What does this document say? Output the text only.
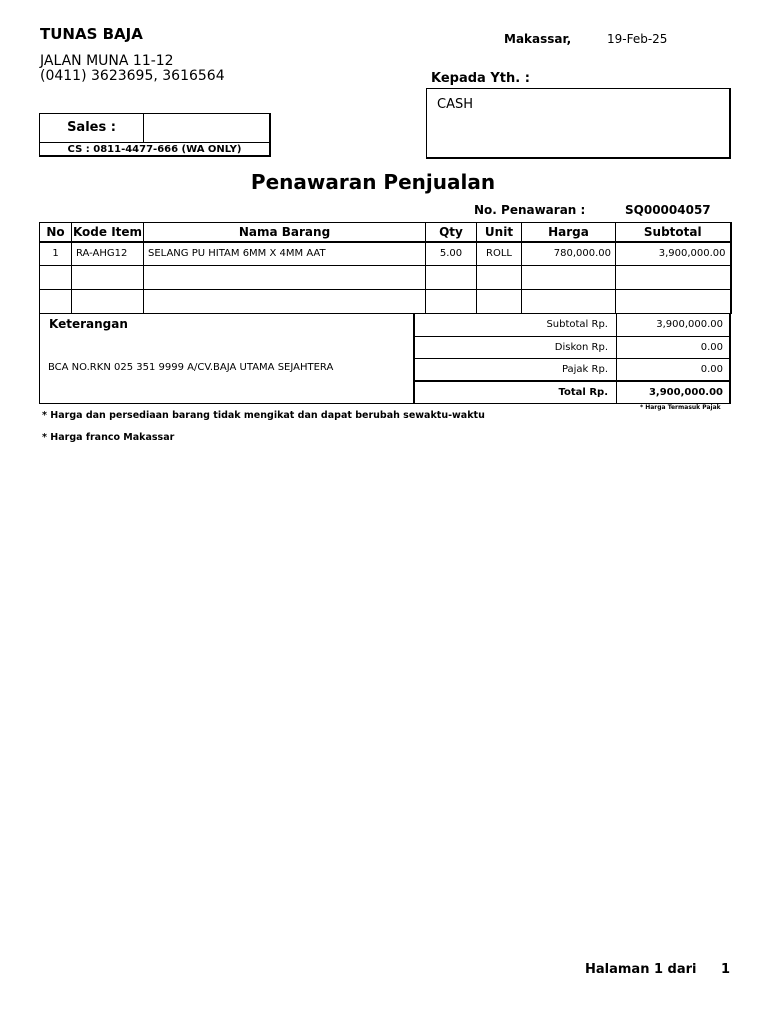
TUNAS BAJA
JALAN MUNA 11-12
(0411) 3623695, 3616564
Makassar,	19-Feb-25
Kepada Yth. :
CASH
Sales :
CS : 0811-4477-666 (WA ONLY)
Penawaran Penjualan
No. Penawaran :	SQ00004057
No	Kode Item	Nama Barang	Qty	Unit	Harga	Subtotal
1	RA-AHG12	SELANG PU HITAM 6MM X 4MM AAT	5.00	ROLL	780,000.00	3,900,000.00

Keterangan
BCA NO.RKN 025 351 9999 A/CV.BAJA UTAMA SEJAHTERA
Subtotal Rp.	3,900,000.00
Diskon Rp.	0.00
Pajak Rp.	0.00
Total Rp.	3,900,000.00
* Harga Termasuk Pajak
* Harga dan persediaan barang tidak mengikat dan dapat berubah sewaktu-waktu
* Harga franco Makassar
Halaman 1 dari 1
